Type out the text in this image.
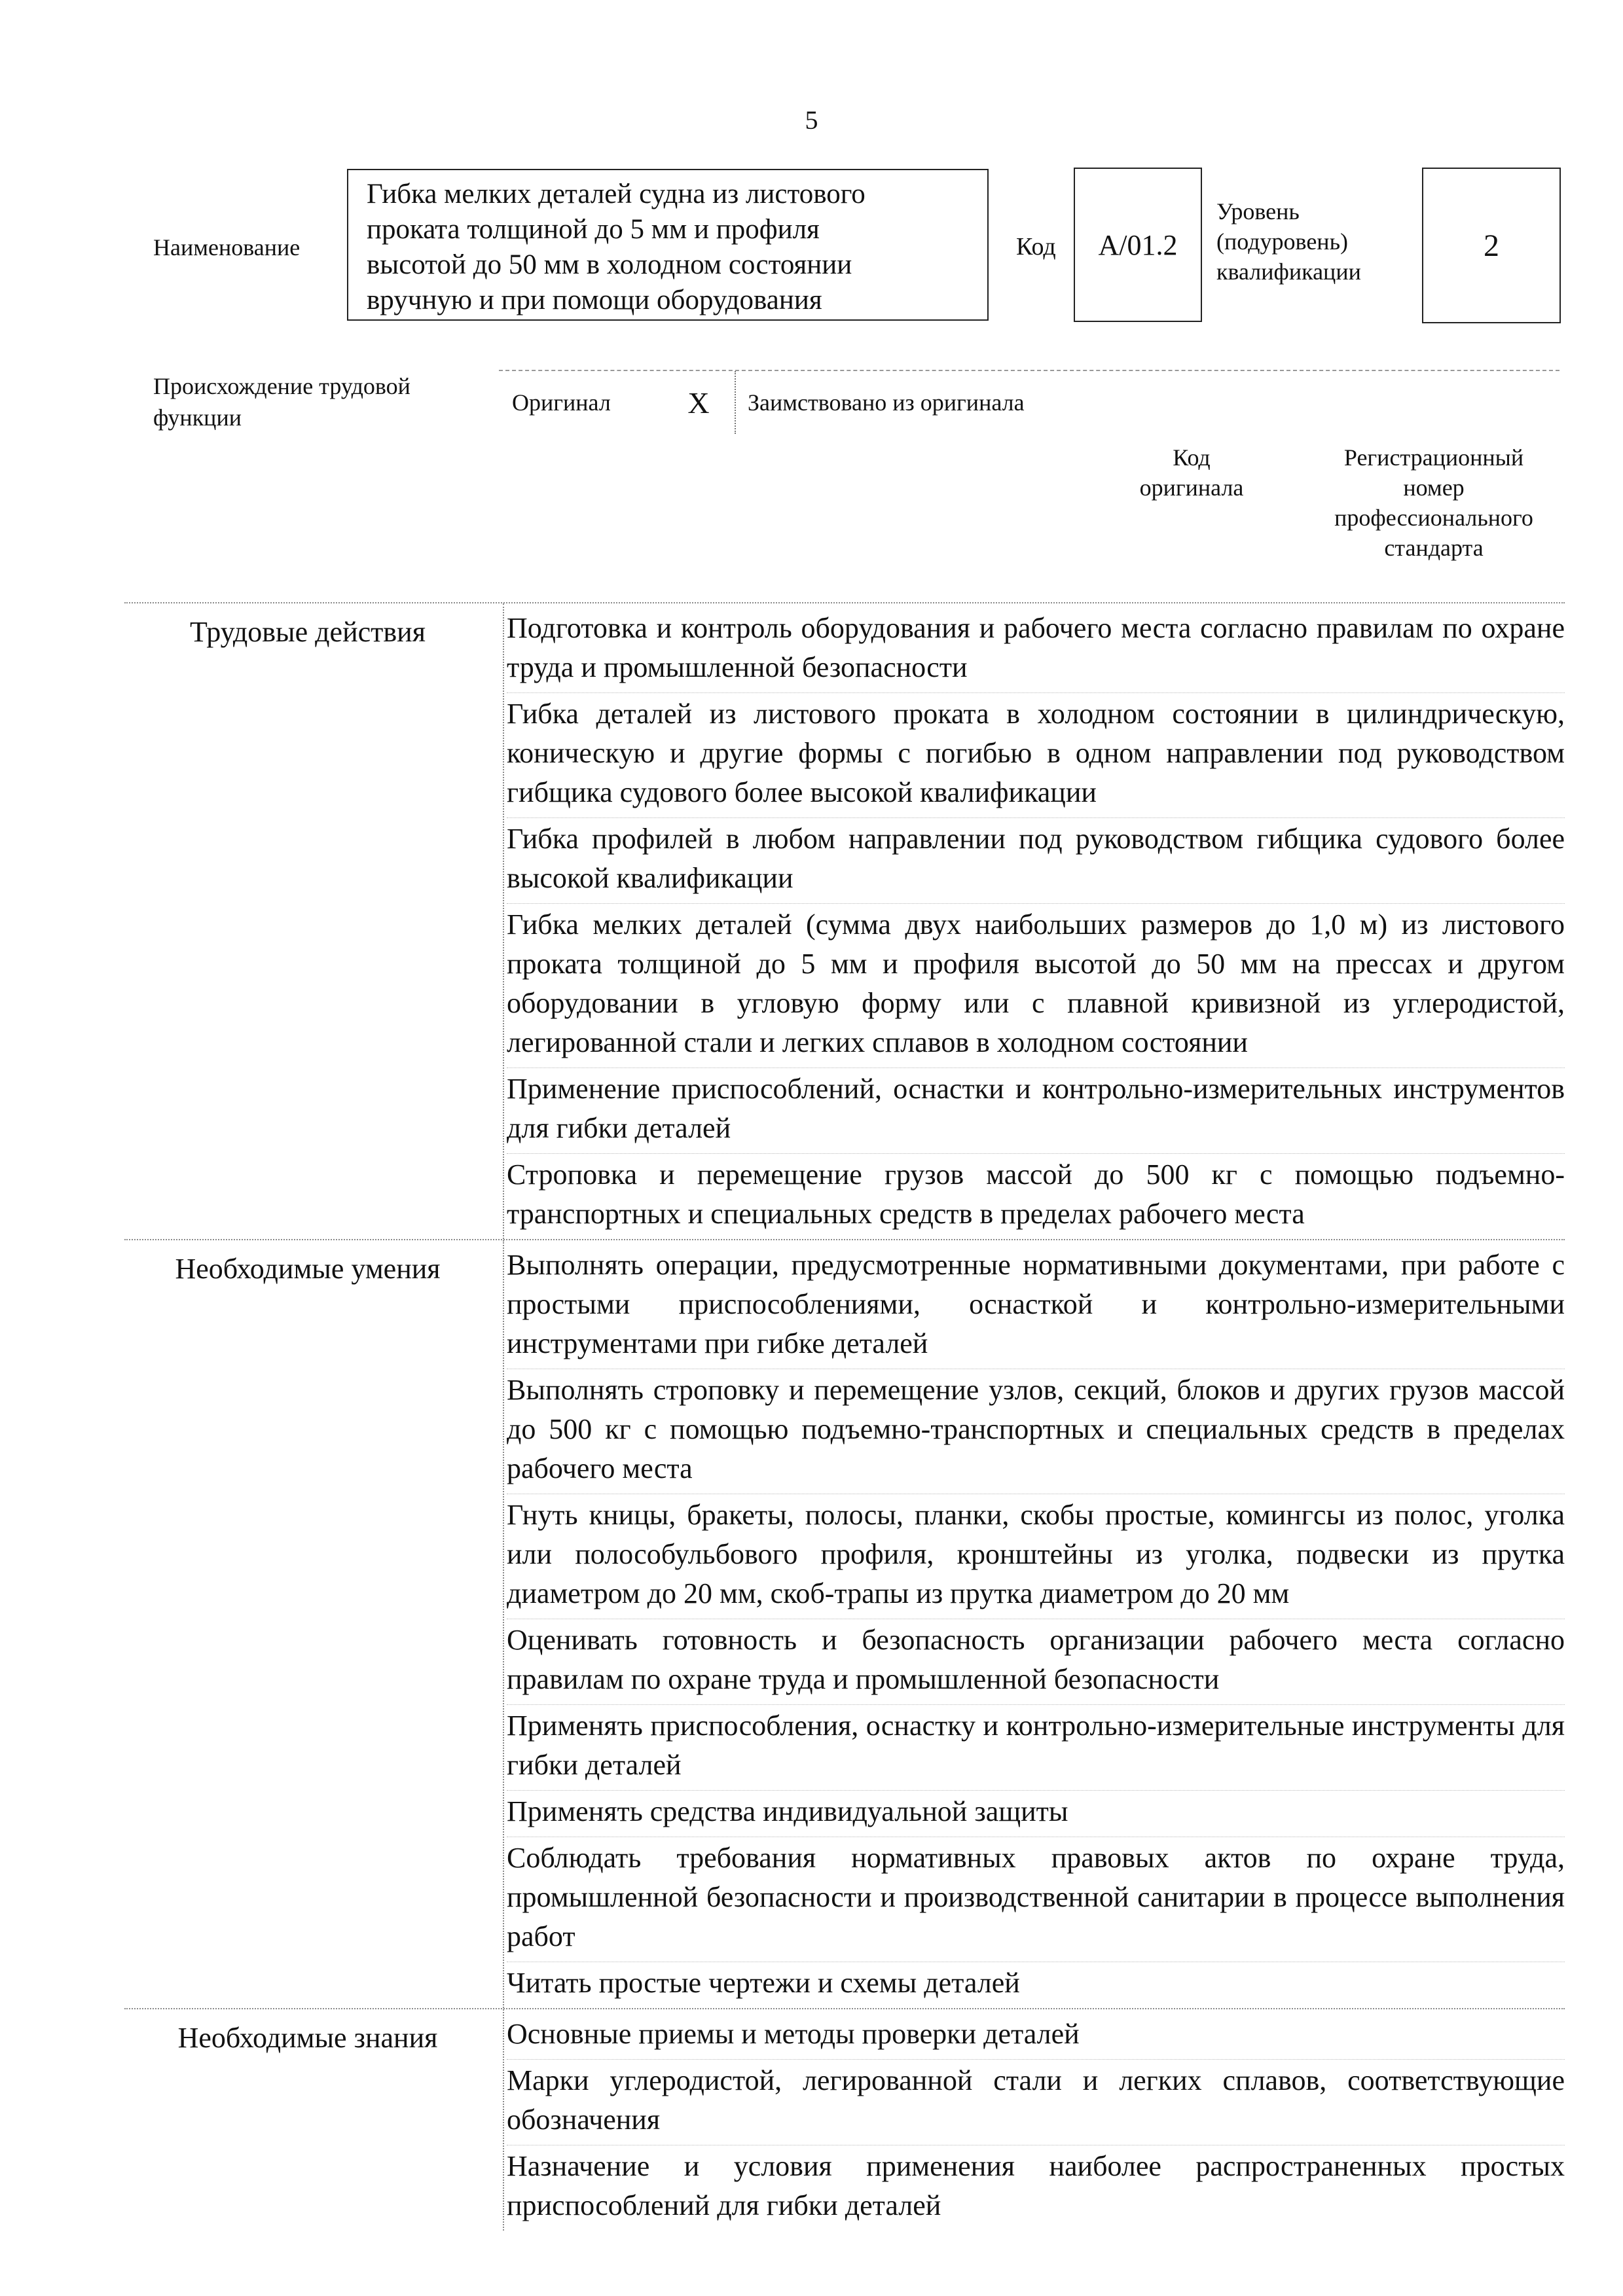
5
Наименование
Гибка мелких деталей судна из листового
проката толщиной до 5 мм и профиля
высотой до 50 мм в холодном состоянии
вручную и при помощи оборудования
Код A/01.2
Уровень
(подуровень)
квалификации
2
Происхождение трудовой
функции
Оригинал	X	Заимствовано из оригинала
Код
оригинала
Регистрационный
номер
профессионального
стандарта
Трудовые действия	Подготовка и контроль оборудования и рабочего места согласно правилам по охране труда и промышленной безопасности
Гибка деталей из листового проката в холодном состоянии в цилиндрическую, коническую и другие формы с погибью в одном направлении под руководством гибщика судового более высокой квалификации
Гибка профилей в любом направлении под руководством гибщика судового более высокой квалификации
Гибка мелких деталей (сумма двух наибольших размеров до 1,0 м) из листового проката толщиной до 5 мм и профиля высотой до 50 мм на прессах и другом оборудовании в угловую форму или с плавной кривизной из углеродистой, легированной стали и легких сплавов в холодном состоянии
Применение приспособлений, оснастки и контрольно-измерительных инструментов для гибки деталей
Строповка и перемещение грузов массой до 500 кг с помощью подъемно-транспортных и специальных средств в пределах рабочего места
Необходимые умения	Выполнять операции, предусмотренные нормативными документами, при работе с простыми приспособлениями, оснасткой и контрольно-измерительными инструментами при гибке деталей
Выполнять строповку и перемещение узлов, секций, блоков и других грузов массой до 500 кг с помощью подъемно-транспортных и специальных средств в пределах рабочего места
Гнуть кницы, бракеты, полосы, планки, скобы простые, комингсы из полос, уголка или полособульбового профиля, кронштейны из уголка, подвески из прутка диаметром до 20 мм, скоб-трапы из прутка диаметром до 20 мм
Оценивать готовность и безопасность организации рабочего места согласно правилам по охране труда и промышленной безопасности
Применять приспособления, оснастку и контрольно-измерительные инструменты для гибки деталей
Применять средства индивидуальной защиты
Соблюдать требования нормативных правовых актов по охране труда, промышленной безопасности и производственной санитарии в процессе выполнения работ
Читать простые чертежи и схемы деталей
Необходимые знания	Основные приемы и методы проверки деталей
Марки углеродистой, легированной стали и легких сплавов, соответствующие обозначения
Назначение и условия применения наиболее распространенных простых приспособлений для гибки деталей
